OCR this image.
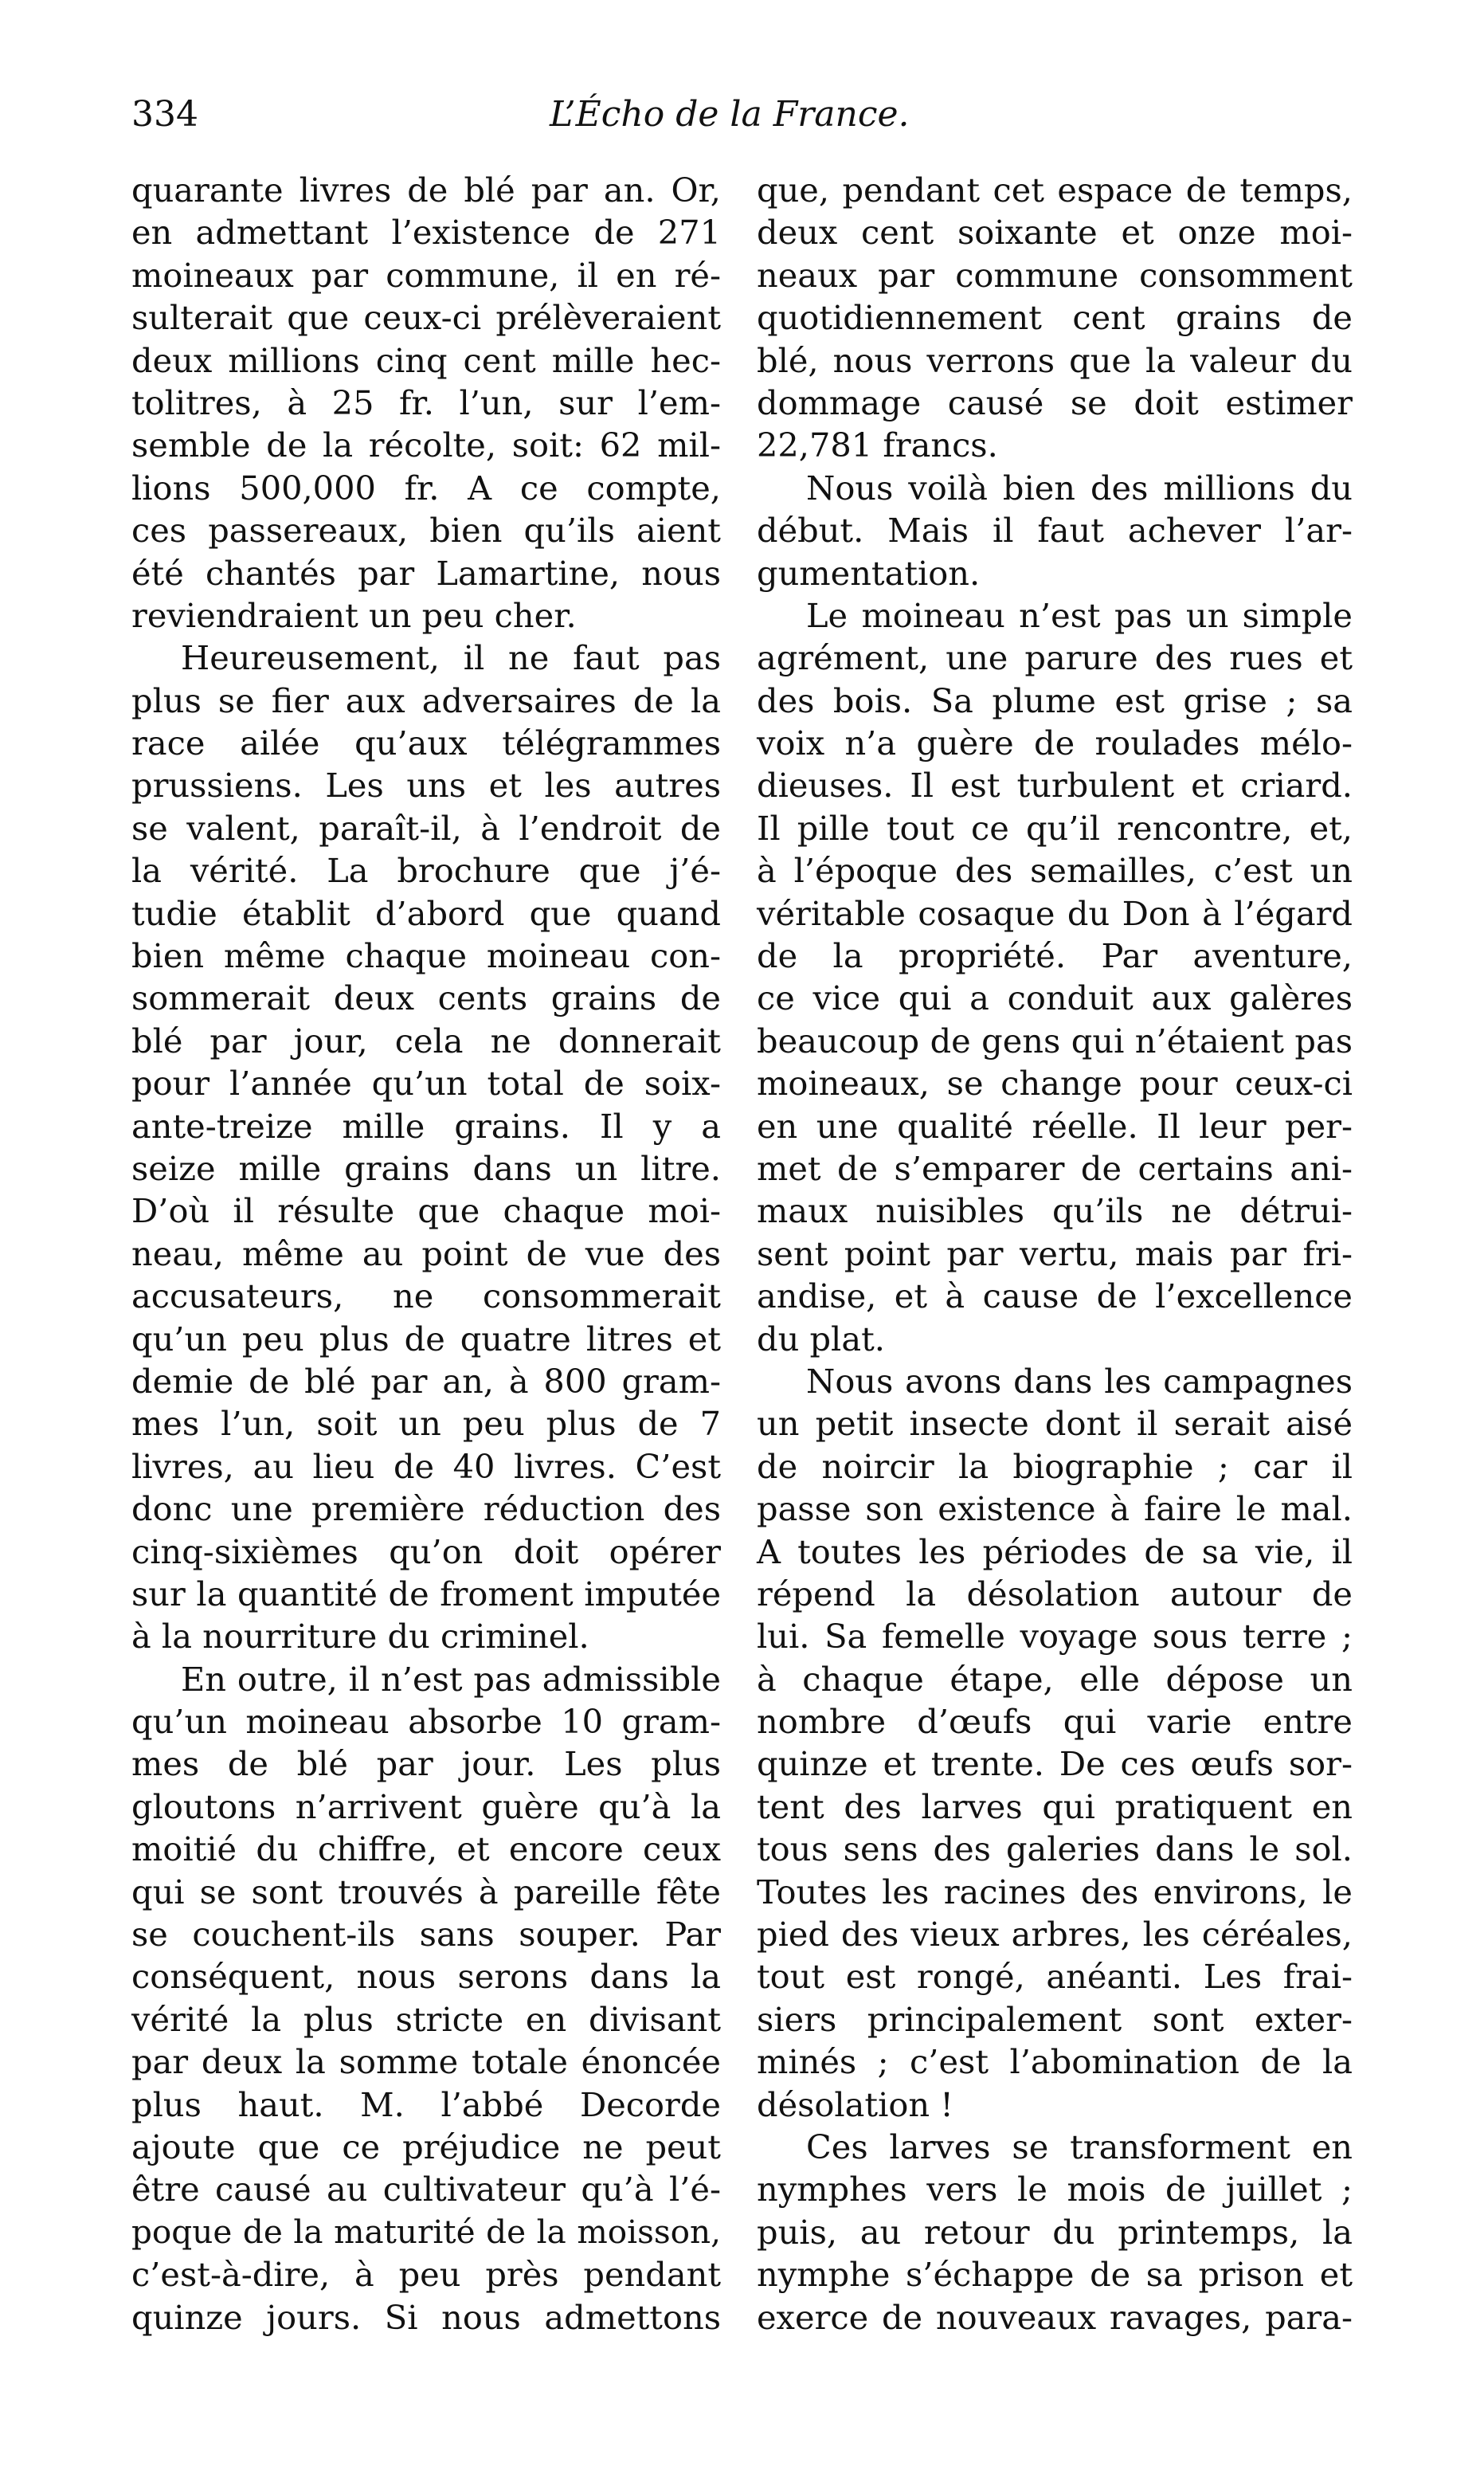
334	L’Écho de la France.
quarante livres de blé par an. Or,
en admettant l’existence de 271
moineaux par commune, il en ré-
sulterait que ceux-ci prélèveraient
deux millions cinq cent mille hec-
tolitres, à 25 fr. l’un, sur l’em-
semble de la récolte, soit: 62 mil-
lions 500,000 fr. A ce compte,
ces passereaux, bien qu’ils aient
été chantés par Lamartine, nous
reviendraient un peu cher.
Heureusement, il ne faut pas
plus se fier aux adversaires de la
race ailée qu’aux télégrammes
prussiens. Les uns et les autres
se valent, paraît-il, à l’endroit de
la vérité. La brochure que j’é-
tudie établit d’abord que quand
bien même chaque moineau con-
sommerait deux cents grains de
blé par jour, cela ne donnerait
pour l’année qu’un total de soix-
ante-treize mille grains. Il y a
seize mille grains dans un litre.
D’où il résulte que chaque moi-
neau, même au point de vue des
accusateurs, ne consommerait
qu’un peu plus de quatre litres et
demie de blé par an, à 800 gram-
mes l’un, soit un peu plus de 7
livres, au lieu de 40 livres. C’est
donc une première réduction des
cinq-sixièmes qu’on doit opérer
sur la quantité de froment imputée
à la nourriture du criminel.
En outre, il n’est pas admissible
qu’un moineau absorbe 10 gram-
mes de blé par jour. Les plus
gloutons n’arrivent guère qu’à la
moitié du chiffre, et encore ceux
qui se sont trouvés à pareille fête
se couchent-ils sans souper. Par
conséquent, nous serons dans la
vérité la plus stricte en divisant
par deux la somme totale énoncée
plus haut. M. l’abbé Decorde
ajoute que ce préjudice ne peut
être causé au cultivateur qu’à l’é-
poque de la maturité de la moisson,
c’est-à-dire, à peu près pendant
quinze jours. Si nous admettons
que, pendant cet espace de temps,
deux cent soixante et onze moi-
neaux par commune consomment
quotidiennement cent grains de
blé, nous verrons que la valeur du
dommage causé se doit estimer
22,781 francs.
Nous voilà bien des millions du
début. Mais il faut achever l’ar-
gumentation.
Le moineau n’est pas un simple
agrément, une parure des rues et
des bois. Sa plume est grise ; sa
voix n’a guère de roulades mélo-
dieuses. Il est turbulent et criard.
Il pille tout ce qu’il rencontre, et,
à l’époque des semailles, c’est un
véritable cosaque du Don à l’égard
de la propriété. Par aventure,
ce vice qui a conduit aux galères
beaucoup de gens qui n’étaient pas
moineaux, se change pour ceux-ci
en une qualité réelle. Il leur per-
met de s’emparer de certains ani-
maux nuisibles qu’ils ne détrui-
sent point par vertu, mais par fri-
andise, et à cause de l’excellence
du plat.
Nous avons dans les campagnes
un petit insecte dont il serait aisé
de noircir la biographie ; car il
passe son existence à faire le mal.
A toutes les périodes de sa vie, il
répend la désolation autour de
lui. Sa femelle voyage sous terre ;
à chaque étape, elle dépose un
nombre d’œufs qui varie entre
quinze et trente. De ces œufs sor-
tent des larves qui pratiquent en
tous sens des galeries dans le sol.
Toutes les racines des environs, le
pied des vieux arbres, les céréales,
tout est rongé, anéanti. Les frai-
siers principalement sont exter-
minés ; c’est l’abomination de la
désolation !
Ces larves se transforment en
nymphes vers le mois de juillet ;
puis, au retour du printemps, la
nymphe s’échappe de sa prison et
exerce de nouveaux ravages, para-
